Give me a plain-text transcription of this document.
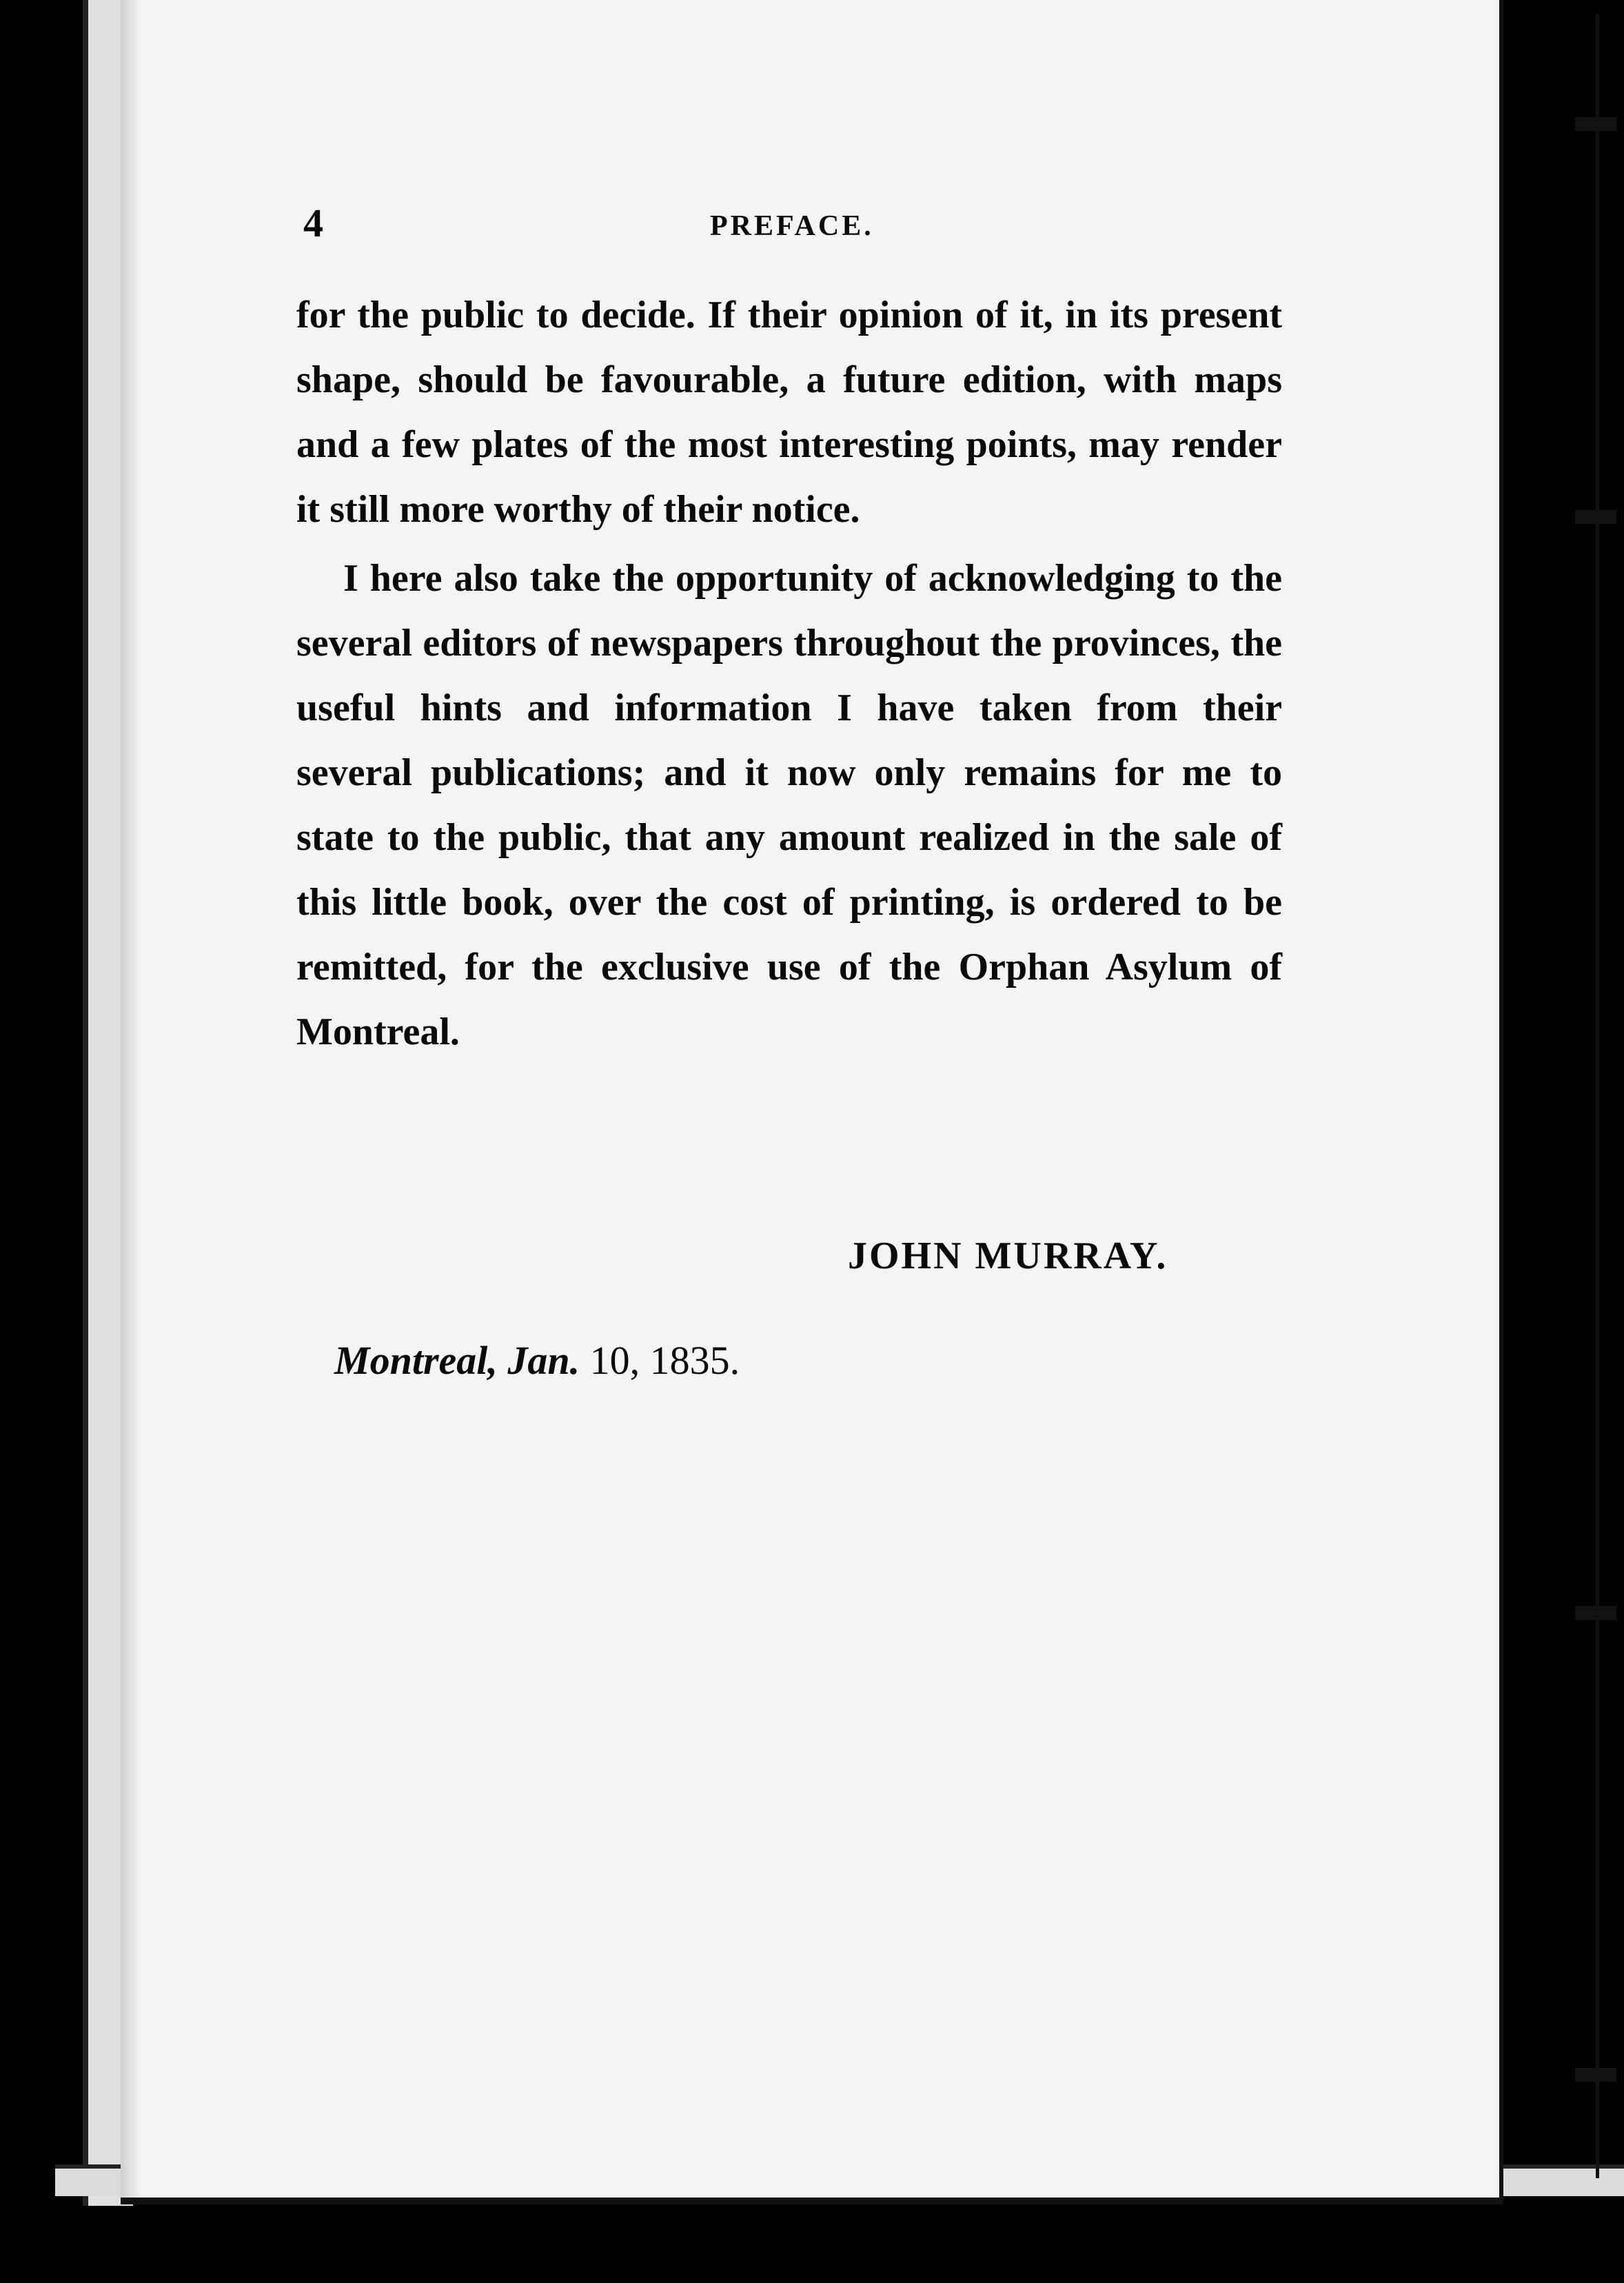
4	PREFACE.

for the public to decide. If their opinion of it, in its present shape, should be favourable, a future edition, with maps and a few plates of the most interesting points, may render it still more worthy of their notice.

I here also take the opportunity of acknowledging to the several editors of newspapers throughout the provinces, the useful hints and information I have taken from their several publications; and it now only remains for me to state to the public, that any amount realized in the sale of this little book, over the cost of printing, is ordered to be remitted, for the exclusive use of the Orphan Asylum of Montreal.

JOHN MURRAY.
Montreal, Jan. 10, 1835.
